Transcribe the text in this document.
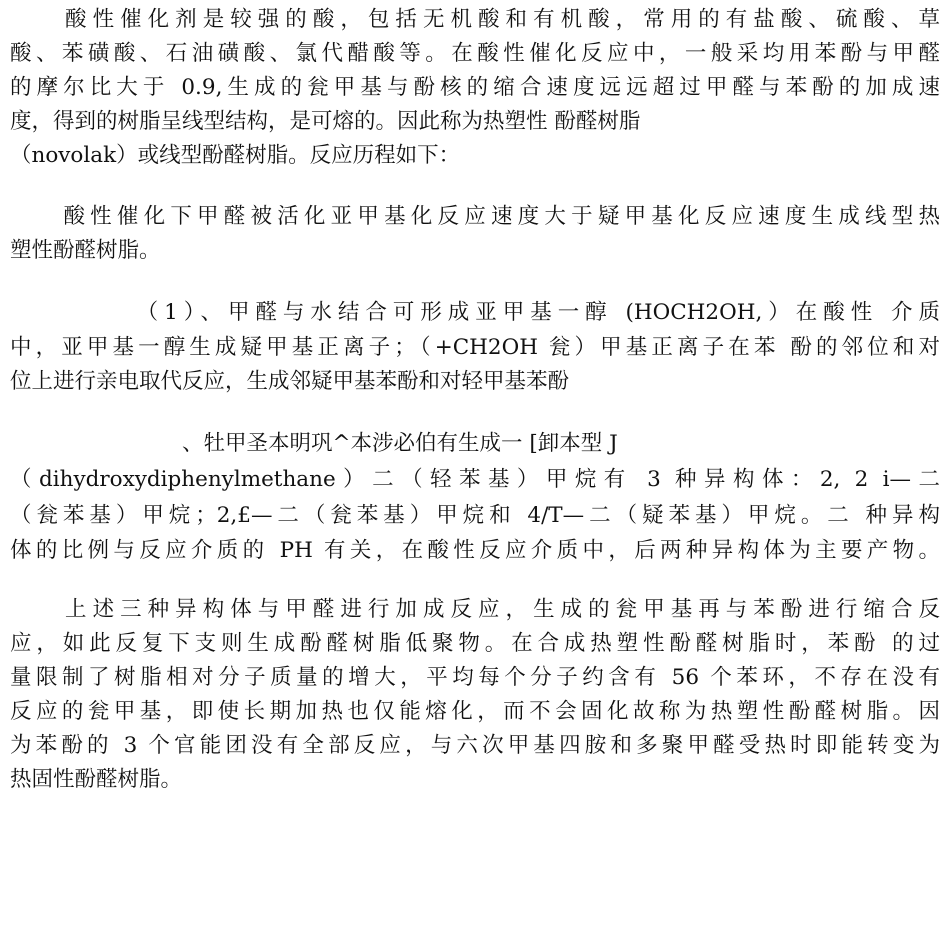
　　酸性催化剂是较强的酸，包括无机酸和有机酸，常用的有盐酸、硫酸、草
酸、苯磺酸、石油磺酸、氯代醋酸等。在酸性催化反应中，一般采均用苯酚与甲醛
的摩尔比大于 0.9,生成的瓮甲基与酚核的缩合速度远远超过甲醛与苯酚的加成速
度，得到的树脂呈线型结构，是可熔的。因此称为热塑性 酚醛树脂
（novolak）或线型酚醛树脂。反应历程如下：
　　酸性催化下甲醛被活化亚甲基化反应速度大于疑甲基化反应速度生成线型热
塑性酚醛树脂。
　　　　　（1）、甲醛与水结合可形成亚甲基一醇 (HOCH2OH,）在酸性 介质
中，亚甲基一醇生成疑甲基正离子；（+CH2OH 瓮）甲基正离子在苯 酚的邻位和对
位上进行亲电取代反应，生成邻疑甲基苯酚和对轻甲基苯酚
　　　　　　　　、牡甲圣本明巩^本涉必伯有生成一 [卸本型 J
（dihydroxydiphenylmethane）二（轻苯基）甲烷有 3 种异构体：2, 2 i—二
（瓮苯基）甲烷；2,£—二（瓮苯基）甲烷和 4/T—二（疑苯基）甲烷。二 种异构
体的比例与反应介质的 PH 有关，在酸性反应介质中，后两种异构体为主要产物。
　　上述三种异构体与甲醛进行加成反应，生成的瓮甲基再与苯酚进行缩合反
应，如此反复下支则生成酚醛树脂低聚物。在合成热塑性酚醛树脂时，苯酚 的过
量限制了树脂相对分子质量的增大，平均每个分子约含有 56 个苯环，不存在没有
反应的瓮甲基，即使长期加热也仅能熔化，而不会固化故称为热塑性酚醛树脂。因
为苯酚的 3 个官能团没有全部反应，与六次甲基四胺和多聚甲醛受热时即能转变为
热固性酚醛树脂。
